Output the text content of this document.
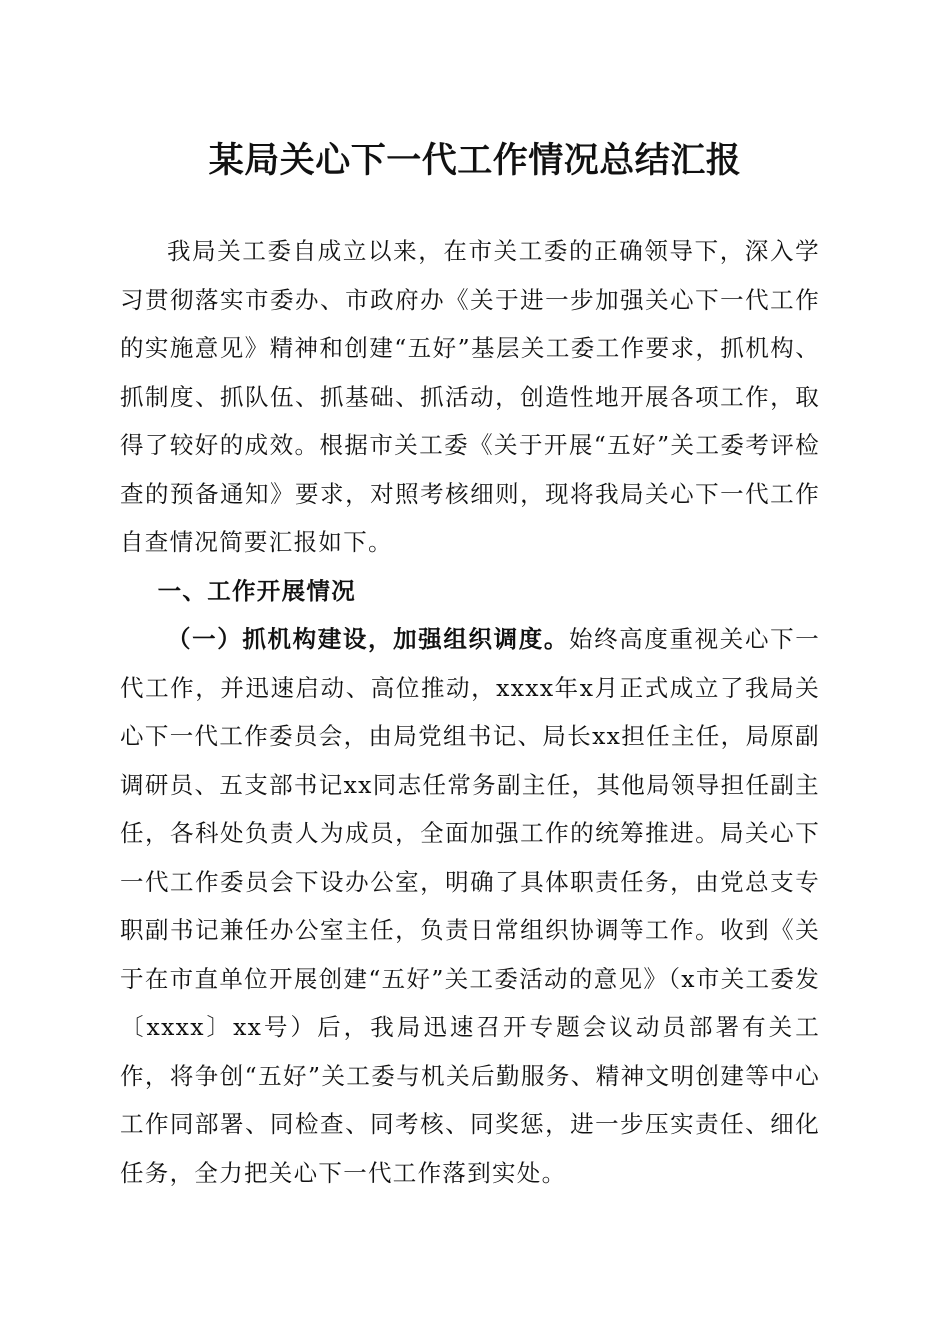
某局关心下一代工作情况总结汇报

我局关工委自成立以来，在市关工委的正确领导下，深入学习贯彻落实市委办、市政府办《关于进一步加强关心下一代工作的实施意见》精神和创建“五好”基层关工委工作要求，抓机构、抓制度、抓队伍、抓基础、抓活动，创造性地开展各项工作，取得了较好的成效。根据市关工委《关于开展“五好”关工委考评检查的预备通知》要求，对照考核细则，现将我局关心下一代工作自查情况简要汇报如下。

一、工作开展情况

（一）抓机构建设，加强组织调度。始终高度重视关心下一代工作，并迅速启动、高位推动，xxxx年x月正式成立了我局关心下一代工作委员会，由局党组书记、局长xx担任主任，局原副调研员、五支部书记xx同志任常务副主任，其他局领导担任副主任，各科处负责人为成员，全面加强工作的统筹推进。局关心下一代工作委员会下设办公室，明确了具体职责任务，由党总支专职副书记兼任办公室主任，负责日常组织协调等工作。收到《关于在市直单位开展创建“五好”关工委活动的意见》（x市关工委发〔xxxx〕xx号）后，我局迅速召开专题会议动员部署有关工作，将争创“五好”关工委与机关后勤服务、精神文明创建等中心工作同部署、同检查、同考核、同奖惩，进一步压实责任、细化任务，全力把关心下一代工作落到实处。
